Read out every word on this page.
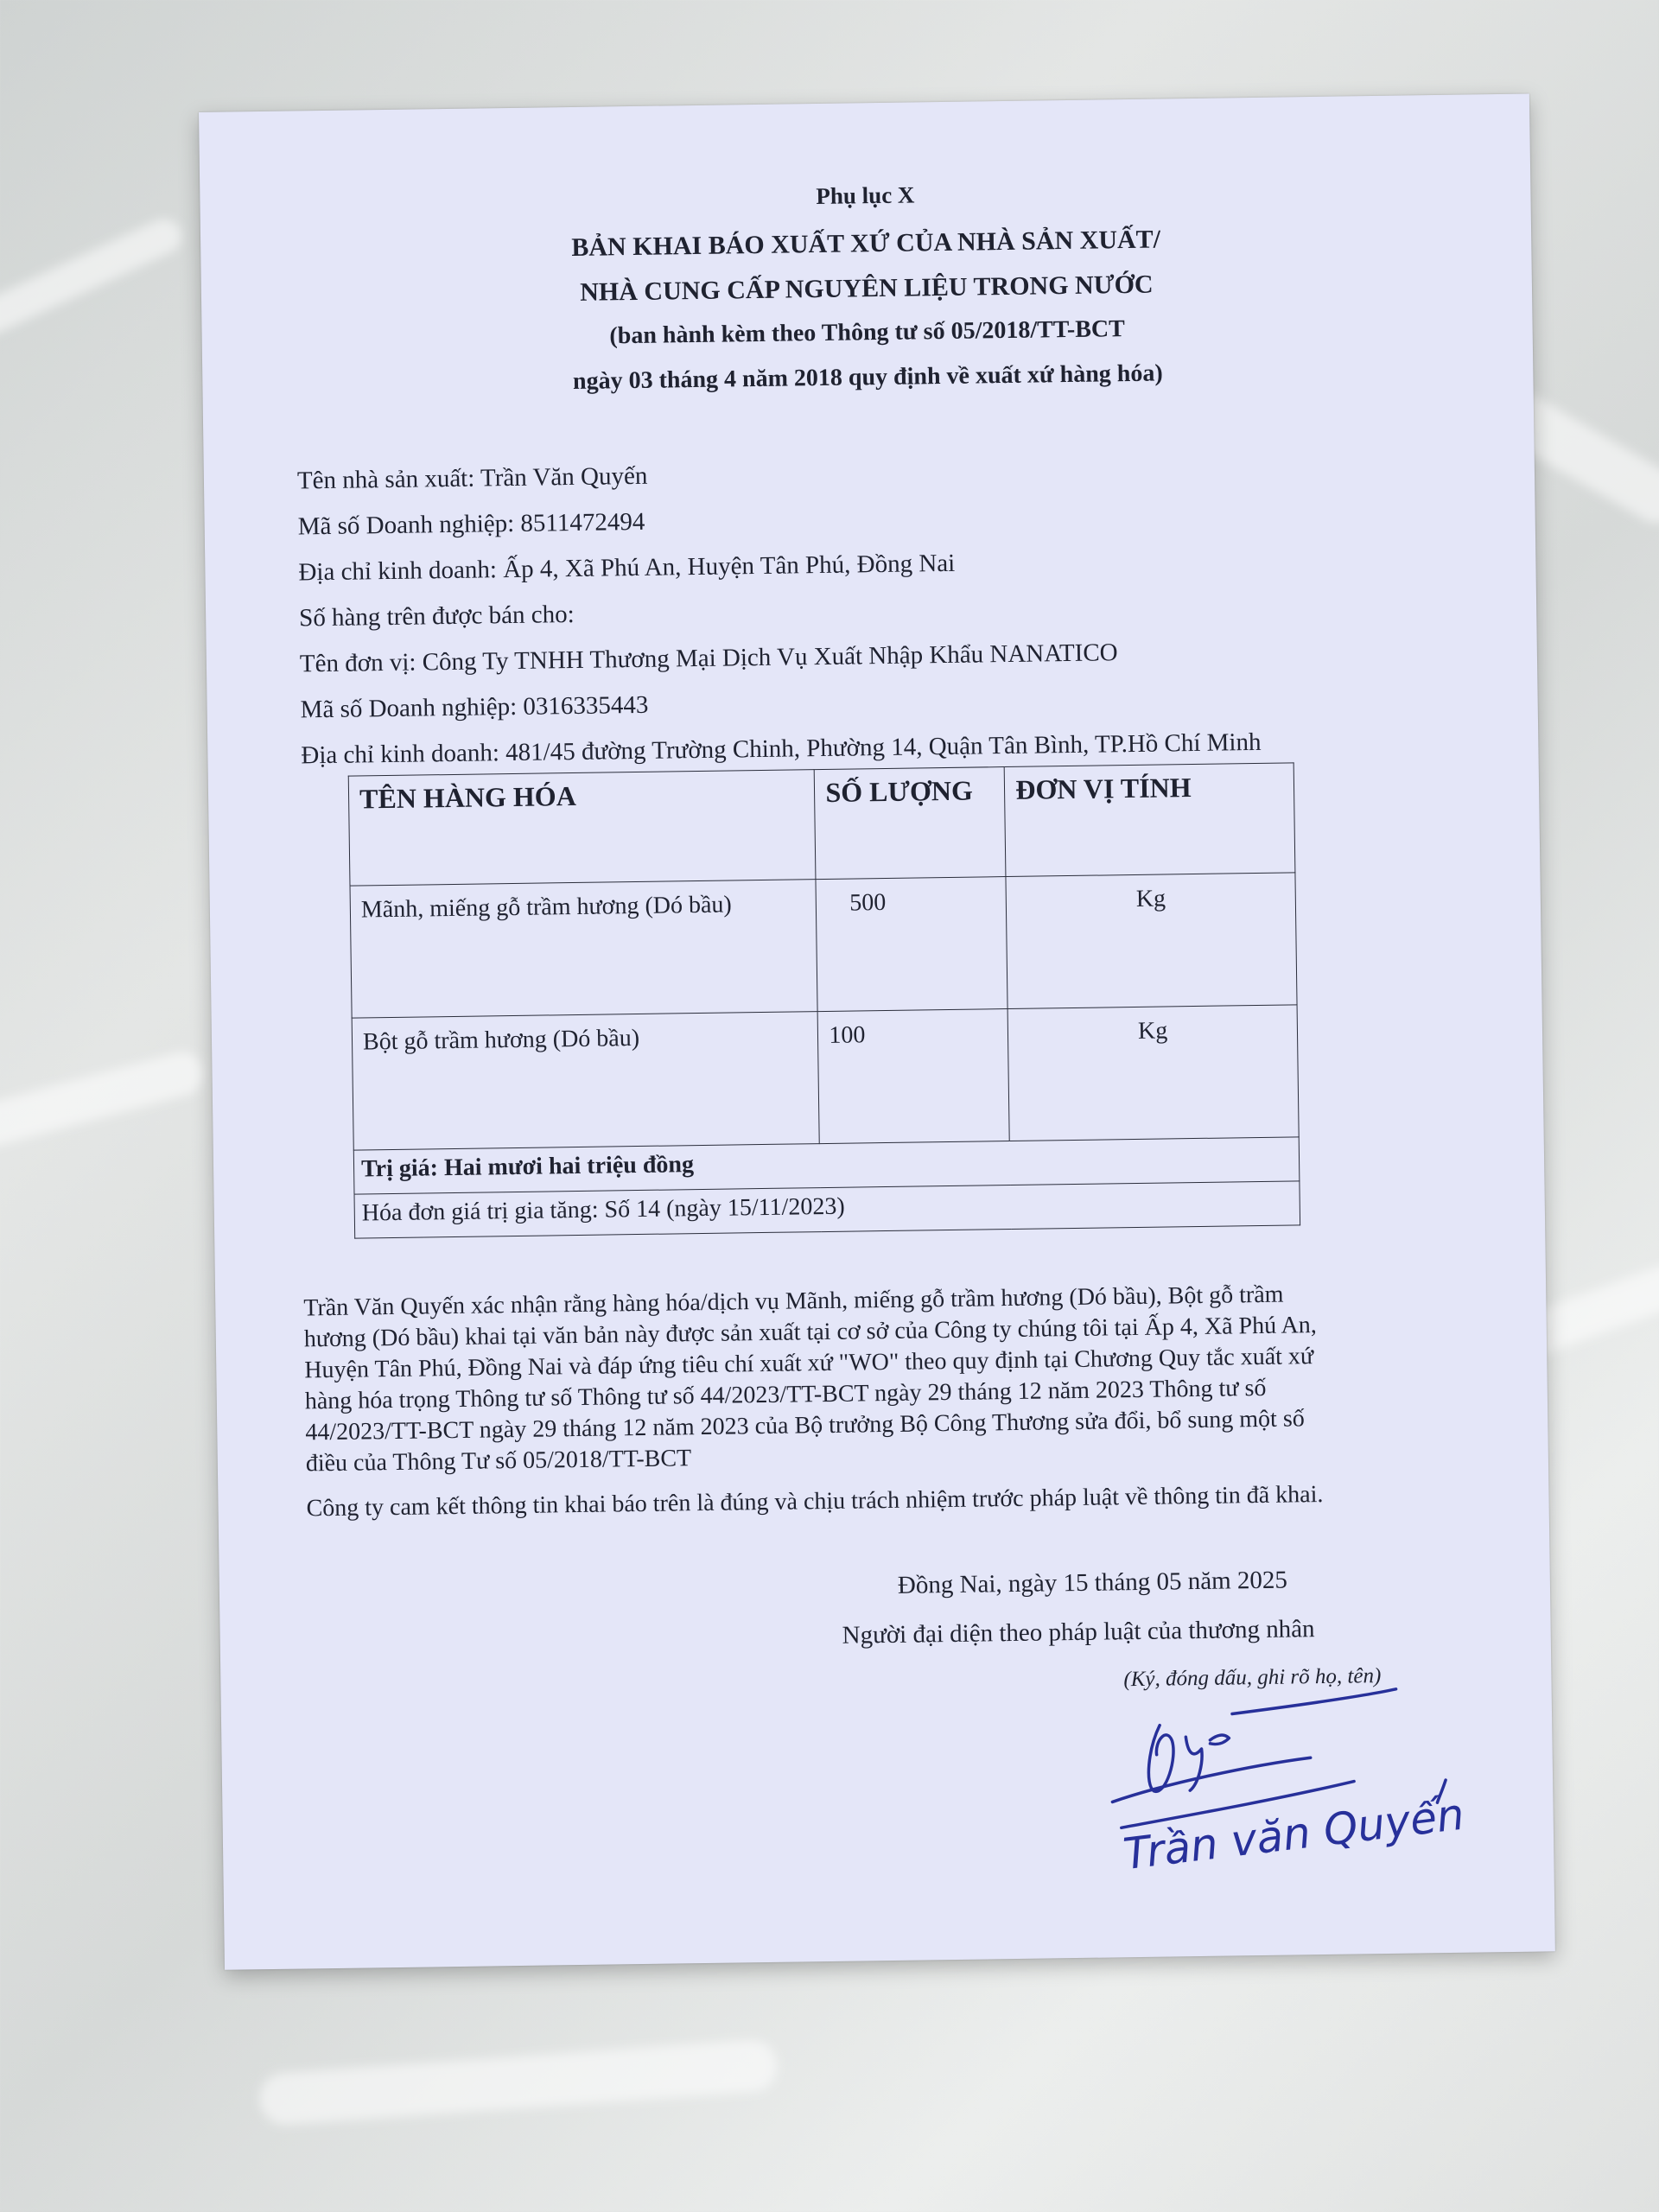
Phụ lục X
BẢN KHAI BÁO XUẤT XỨ CỦA NHÀ SẢN XUẤT/
NHÀ CUNG CẤP NGUYÊN LIỆU TRONG NƯỚC
(ban hành kèm theo Thông tư số 05/2018/TT-BCT
ngày 03 tháng 4 năm 2018 quy định về xuất xứ hàng hóa)
Tên nhà sản xuất: Trần Văn Quyến
Mã số Doanh nghiệp: 8511472494
Địa chỉ kinh doanh: Ấp 4, Xã Phú An, Huyện Tân Phú, Đồng Nai
Số hàng trên được bán cho:
Tên đơn vị: Công Ty TNHH Thương Mại Dịch Vụ Xuất Nhập Khẩu NANATICO
Mã số Doanh nghiệp: 0316335443
Địa chỉ kinh doanh: 481/45 đường Trường Chinh, Phường 14, Quận Tân Bình, TP.Hồ Chí Minh
TÊN HÀNG HÓA	SỐ LƯỢNG	ĐƠN VỊ TÍNH
Mãnh, miếng gỗ trầm hương (Dó bầu)	500	Kg
Bột gỗ trầm hương (Dó bầu)	100	Kg
Trị giá: Hai mươi hai triệu đồng		
Hóa đơn giá trị gia tăng: Số 14 (ngày 15/11/2023)		
Trần Văn Quyến xác nhận rằng hàng hóa/dịch vụ Mãnh, miếng gỗ trầm hương (Dó bầu), Bột gỗ trầm hương (Dó bầu) khai tại văn bản này được sản xuất tại cơ sở của Công ty chúng tôi tại Ấp 4, Xã Phú An, Huyện Tân Phú, Đồng Nai và đáp ứng tiêu chí xuất xứ "WO" theo quy định tại Chương Quy tắc xuất xứ hàng hóa trọng Thông tư số Thông tư số 44/2023/TT-BCT ngày 29 tháng 12 năm 2023 Thông tư số 44/2023/TT-BCT ngày 29 tháng 12 năm 2023 của Bộ trưởng Bộ Công Thương sửa đổi, bổ sung một số điều của Thông Tư số 05/2018/TT-BCT
Công ty cam kết thông tin khai báo trên là đúng và chịu trách nhiệm trước pháp luật về thông tin đã khai.
Đồng Nai, ngày 15 tháng 05 năm 2025
Người đại diện theo pháp luật của thương nhân
(Ký, đóng dấu, ghi rõ họ, tên)
Trần văn Quyến
